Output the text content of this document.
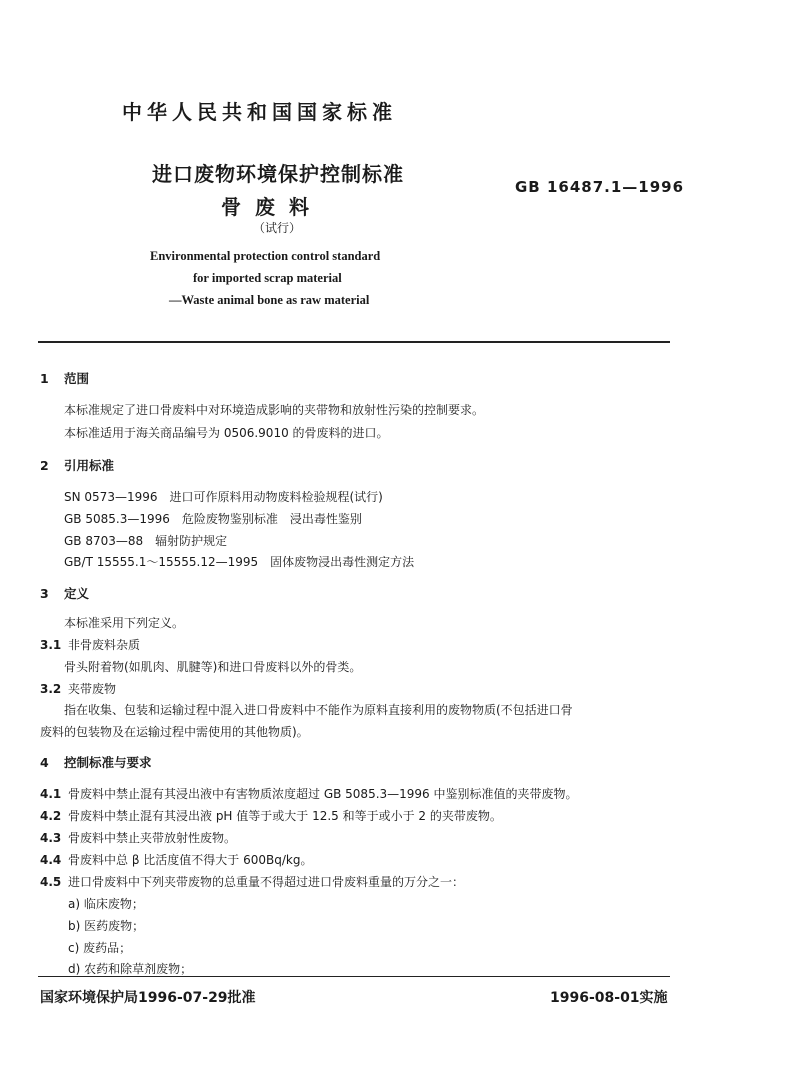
中华人民共和国国家标准
进口废物环境保护控制标准
骨废料
（试行）
GB 16487.1—1996
Environmental protection control standard
for imported scrap material
—Waste animal bone as raw material
1 范围
本标准规定了进口骨废料中对环境造成影响的夹带物和放射性污染的控制要求。
本标准适用于海关商品编号为 0506.9010 的骨废料的进口。
2 引用标准
SN 0573—1996　进口可作原料用动物废料检验规程(试行)
GB 5085.3—1996　危险废物鉴别标准　浸出毒性鉴别
GB 8703—88　辐射防护规定
GB/T 15555.1～15555.12—1995　固体废物浸出毒性测定方法
3 定义
本标准采用下列定义。
3.1 非骨废料杂质
骨头附着物(如肌肉、肌腱等)和进口骨废料以外的骨类。
3.2 夹带废物
指在收集、包装和运输过程中混入进口骨废料中不能作为原料直接利用的废物物质(不包括进口骨
废料的包装物及在运输过程中需使用的其他物质)。
4 控制标准与要求
4.1 骨废料中禁止混有其浸出液中有害物质浓度超过 GB 5085.3—1996 中鉴别标准值的夹带废物。
4.2 骨废料中禁止混有其浸出液 pH 值等于或大于 12.5 和等于或小于 2 的夹带废物。
4.3 骨废料中禁止夹带放射性废物。
4.4 骨废料中总 β 比活度值不得大于 600Bq/kg。
4.5 进口骨废料中下列夹带废物的总重量不得超过进口骨废料重量的万分之一：
a) 临床废物；
b) 医药废物；
c) 废药品；
d) 农药和除草剂废物；
国家环境保护局1996-07-29批准	1996-08-01实施
